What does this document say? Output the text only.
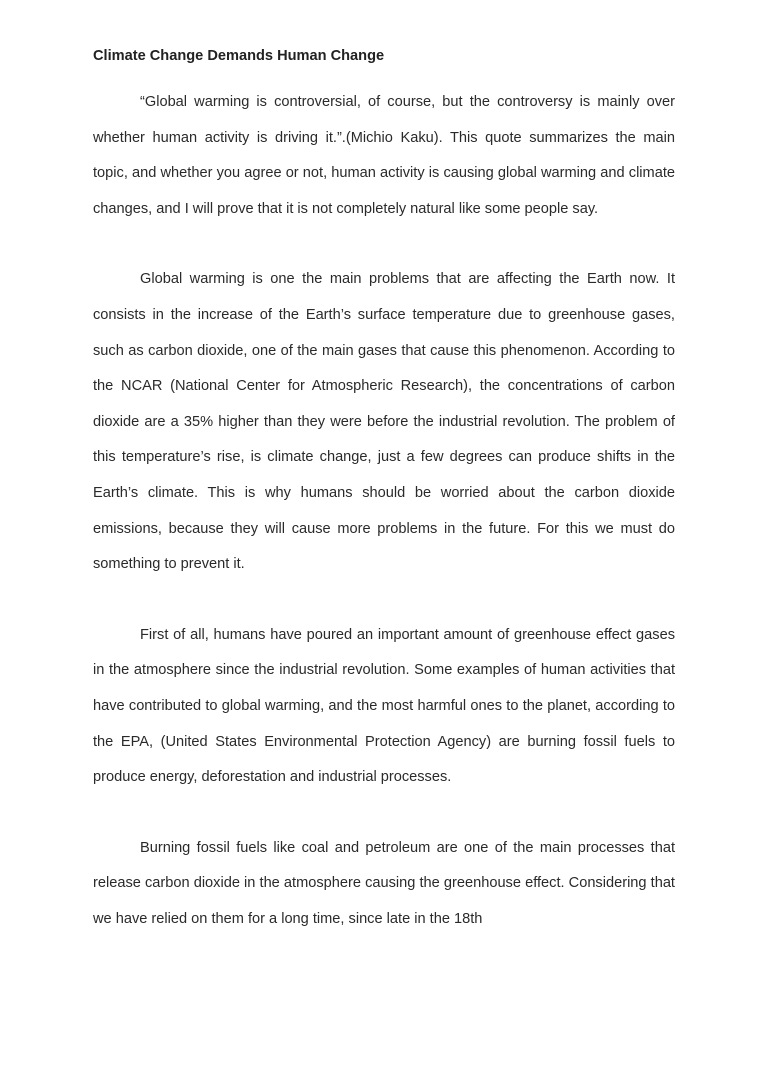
Climate Change Demands Human Change

“Global warming is controversial, of course, but the controversy is mainly over whether human activity is driving it.”.(Michio Kaku). This quote summarizes the main topic, and whether you agree or not, human activity is causing global warming and climate changes, and I will prove that it is not completely natural like some people say.

Global warming is one the main problems that are affecting the Earth now. It consists in the increase of the Earth’s surface temperature due to greenhouse gases, such as carbon dioxide, one of the main gases that cause this phenomenon. According to the NCAR (National Center for Atmospheric Research), the concentrations of carbon dioxide are a 35% higher than they were before the industrial revolution. The problem of this temperature’s rise, is climate change, just a few degrees can produce shifts in the Earth’s climate. This is why humans should be worried about the carbon dioxide emissions, because they will cause more problems in the future. For this we must do something to prevent it.

First of all, humans have poured an important amount of greenhouse effect gases in the atmosphere since the industrial revolution. Some examples of human activities that have contributed to global warming, and the most harmful ones to the planet, according to the EPA, (United States Environmental Protection Agency) are burning fossil fuels to produce energy, deforestation and industrial processes.

Burning fossil fuels like coal and petroleum are one of the main processes that release carbon dioxide in the atmosphere causing the greenhouse effect. Considering that we have relied on them for a long time, since late in the 18th
